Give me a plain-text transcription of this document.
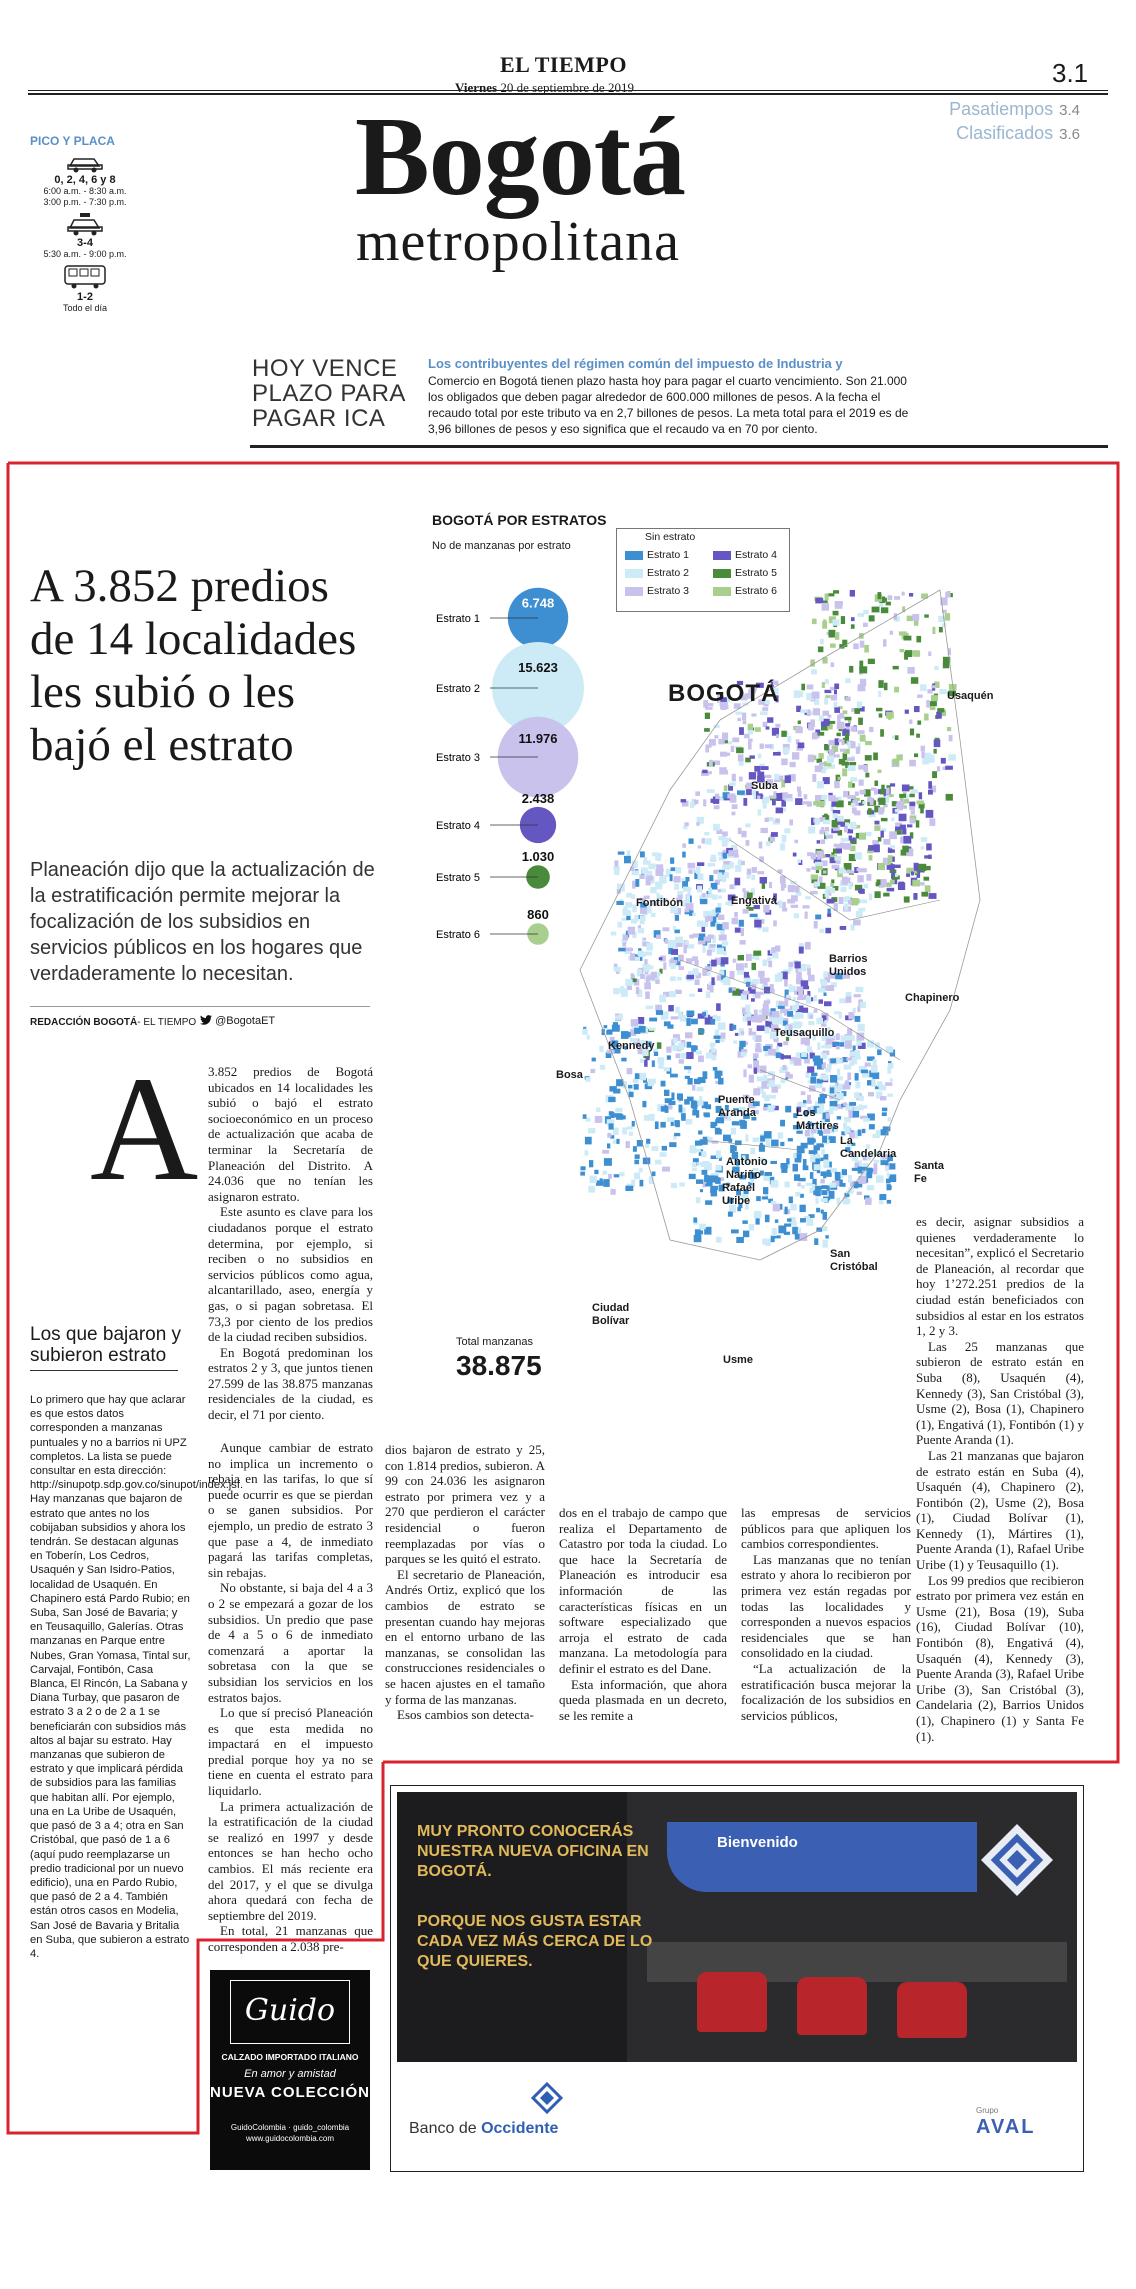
EL TIEMPO
Viernes 20 de septiembre de 2019	3.1
Pasatiempos 3.4
Clasificados 3.6
Bogotá
metropolitana
PICO Y PLACA
0, 2, 4, 6 y 8
6:00 a.m. - 8:30 a.m.
3:00 p.m. - 7:30 p.m.
3-4
5:30 a.m. - 9:00 p.m.
1-2
Todo el día
HOY VENCE
PLAZO PARA
PAGAR ICA
Los contribuyentes del régimen común del impuesto de Industria y
Comercio en Bogotá tienen plazo hasta hoy para pagar el cuarto vencimiento. Son 21.000 los obligados que deben pagar alrededor de 600.000 millones de pesos. A la fecha el recaudo total por este tributo va en 2,7 billones de pesos. La meta total para el 2019 es de 3,96 billones de pesos y eso significa que el recaudo va en 70 por ciento.
A 3.852 predios de 14 localidades les subió o les bajó el estrato
Planeación dijo que la actualización de la estratificación permite mejorar la focalización de los subsidios en servicios públicos en los hogares que verdaderamente lo necesitan.
REDACCIÓN BOGOTÁ- EL TIEMPO	@BogotaET
A 3.852 predios de Bogotá ubicados en 14 localidades les subió o bajó el estrato socioeconómico en un proceso de actualización que acaba de terminar la Secretaría de Planeación del Distrito. A 24.036 que no tenían les asignaron estrato.

Este asunto es clave para los ciudadanos porque el estrato determina, por ejemplo, si reciben o no subsidios en servicios públicos como agua, alcantarillado, aseo, energía y gas, o si pagan sobretasa. El 73,3 por ciento de los predios de la ciudad reciben subsidios.

En Bogotá predominan los estratos 2 y 3, que juntos tienen 27.599 de las 38.875 manzanas residenciales de la ciudad, es decir, el 71 por ciento.

Aunque cambiar de estrato no implica un incremento o rebaja en las tarifas, lo que sí puede ocurrir es que se pierdan o se ganen subsidios. Por ejemplo, un predio de estrato 3 que pase a 4, de inmediato pagará las tarifas completas, sin rebajas.

No obstante, si baja del 4 a 3 o 2 se empezará a gozar de los subsidios. Un predio que pase de 4 a 5 o 6 de inmediato comenzará a aportar la sobretasa con la que se subsidian los servicios en los estratos bajos.

Lo que sí precisó Planeación es que esta medida no impactará en el impuesto predial porque hoy ya no se tiene en cuenta el estrato para liquidarlo.

La primera actualización de la estratificación de la ciudad se realizó en 1997 y desde entonces se han hecho ocho cambios. El más reciente era del 2017, y el que se divulga ahora quedará con fecha de septiembre del 2019.

En total, 21 manzanas que corresponden a 2.038 pre-

dios bajaron de estrato y 25, con 1.814 predios, subieron. A 99 con 24.036 les asignaron estrato por primera vez y a 270 que perdieron el carácter residencial o fueron reemplazadas por vías o parques se les quitó el estrato.

El secretario de Planeación, Andrés Ortiz, explicó que los cambios de estrato se presentan cuando hay mejoras en el entorno urbano de las manzanas, se consolidan las construcciones residenciales o se hacen ajustes en el tamaño y forma de las manzanas.

Esos cambios son detecta-

dos en el trabajo de campo que realiza el Departamento de Catastro por toda la ciudad. Lo que hace la Secretaría de Planeación es introducir esa información de las características físicas en un software especializado que arroja el estrato de cada manzana. La metodología para definir el estrato es del Dane.

Esta información, que ahora queda plasmada en un decreto, se les remite a

las empresas de servicios públicos para que apliquen los cambios correspondientes.

Las manzanas que no tenían estrato y ahora lo recibieron por primera vez están regadas por todas las localidades y corresponden a nuevos espacios residenciales que se han consolidado en la ciudad.

“La actualización de la estratificación busca mejorar la focalización de los subsidios en servicios públicos,

es decir, asignar subsidios a quienes verdaderamente lo necesitan”, explicó el Secretario de Planeación, al recordar que hoy 1’272.251 predios de la ciudad están beneficiados con subsidios al estar en los estratos 1, 2 y 3.

Las 25 manzanas que subieron de estrato están en Suba (8), Usaquén (4), Kennedy (3), San Cristóbal (3), Usme (2), Bosa (1), Chapinero (1), Engativá (1), Fontibón (1) y Puente Aranda (1).

Las 21 manzanas que bajaron de estrato están en Suba (4), Usaquén (4), Chapinero (2), Fontibón (2), Usme (2), Bosa (1), Ciudad Bolívar (1), Kennedy (1), Mártires (1), Puente Aranda (1), Rafael Uribe Uribe (1) y Teusaquillo (1).

Los 99 predios que recibieron estrato por primera vez están en Usme (21), Bosa (19), Suba (16), Ciudad Bolívar (10), Fontibón (8), Engativá (4), Usaquén (4), Kennedy (3), Puente Aranda (3), Rafael Uribe Uribe (3), San Cristóbal (3), Candelaria (2), Barrios Unidos (1), Chapinero (1) y Santa Fe (1).

Los que bajaron y subieron estrato
Lo primero que hay que aclarar es que estos datos corresponden a manzanas puntuales y no a barrios ni UPZ completos. La lista se puede consultar en esta dirección: http://sinupotp.sdp.gov.co/sinupot/index.jsf. Hay manzanas que bajaron de estrato que antes no los cobijaban subsidios y ahora los tendrán. Se destacan algunas en Toberín, Los Cedros, Usaquén y San Isidro-Patios, localidad de Usaquén. En Chapinero está Pardo Rubio; en Suba, San José de Bavaria; y en Teusaquillo, Galerías. Otras manzanas en Parque entre Nubes, Gran Yomasa, Tintal sur, Carvajal, Fontibón, Casa Blanca, El Rincón, La Sabana y Diana Turbay, que pasaron de estrato 3 a 2 o de 2 a 1 se beneficiarán con subsidios más altos al bajar su estrato. Hay manzanas que subieron de estrato y que implicará pérdida de subsidios para las familias que habitan allí. Por ejemplo, una en La Uribe de Usaquén, que pasó de 3 a 4; otra en San Cristóbal, que pasó de 1 a 6 (aquí pudo reemplazarse un predio tradicional por un nuevo edificio), una en Pardo Rubio, que pasó de 2 a 4. También están otros casos en Modelia, San José de Bavaria y Britalia en Suba, que subieron a estrato 4.
BOGOTÁ POR ESTRATOS
No de manzanas por estrato
Estrato 1
6.748
Estrato 2
15.623
Estrato 3
11.976
Estrato 4
2.438
Estrato 5
1.030
Estrato 6
860
Sin estrato
Estrato 1
Estrato 2
Estrato 3
Estrato 4
Estrato 5
Estrato 6
BOGOTÁ	Usaquén
Suba
Engativá
Fontibón
Barrios Unidos
Chapinero
Teusaquillo
Kennedy
Bosa
Puente Aranda	Los Mártires
La Candelaria
Antonio Nariño
Santa Fe
Rafael Uribe
San Cristóbal
Ciudad Bolívar
Usme
Total manzanas
38.875
Guido
CALZADO IMPORTADO ITALIANO
En amor y amistad
NUEVA COLECCIÓN
GuidoColombia · guido_colombia
www.guidocolombia.com
Bienvenido
MUY PRONTO CONOCERÁS NUESTRA NUEVA OFICINA EN BOGOTÁ.
PORQUE NOS GUSTA ESTAR CADA VEZ MÁS CERCA DE LO QUE QUIERES.
Banco de Occidente
Grupo
AVAL
